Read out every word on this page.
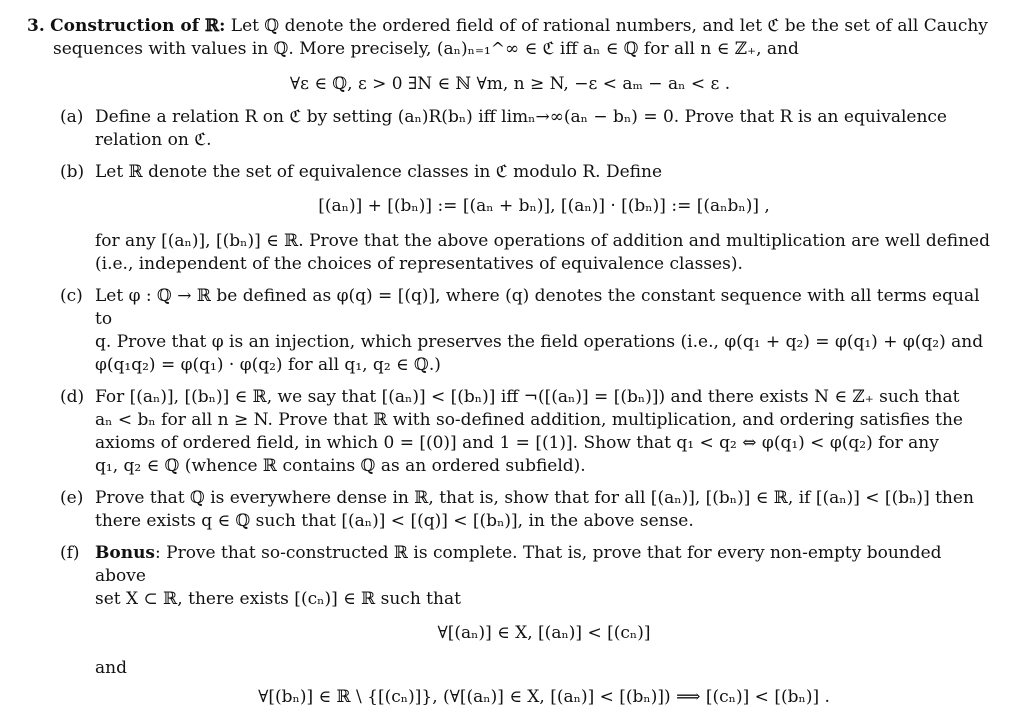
3. Construction of ℝ: Let ℚ denote the ordered field of of rational numbers, and let ℭ be the set of all Cauchy
sequences with values in ℚ. More precisely, (aₙ)ₙ₌₁^∞ ∈ ℭ iff aₙ ∈ ℚ for all n ∈ ℤ₊, and
∀ε ∈ ℚ, ε > 0 ∃N ∈ ℕ ∀m, n ≥ N, −ε < aₘ − aₙ < ε .
(a) Define a relation R on ℭ by setting (aₙ)R(bₙ) iff limₙ→∞(aₙ − bₙ) = 0. Prove that R is an equivalence
relation on ℭ.
(b) Let ℝ denote the set of equivalence classes in ℭ modulo R. Define
[(aₙ)] + [(bₙ)] := [(aₙ + bₙ)], [(aₙ)] · [(bₙ)] := [(aₙbₙ)] ,
for any [(aₙ)], [(bₙ)] ∈ ℝ. Prove that the above operations of addition and multiplication are well defined
(i.e., independent of the choices of representatives of equivalence classes).
(c) Let φ : ℚ → ℝ be defined as φ(q) = [(q)], where (q) denotes the constant sequence with all terms equal to
q. Prove that φ is an injection, which preserves the field operations (i.e., φ(q₁ + q₂) = φ(q₁) + φ(q₂) and
φ(q₁q₂) = φ(q₁) · φ(q₂) for all q₁, q₂ ∈ ℚ.)
(d) For [(aₙ)], [(bₙ)] ∈ ℝ, we say that [(aₙ)] < [(bₙ)] iff ¬([(aₙ)] = [(bₙ)]) and there exists N ∈ ℤ₊ such that
aₙ < bₙ for all n ≥ N. Prove that ℝ with so-defined addition, multiplication, and ordering satisfies the
axioms of ordered field, in which 0 = [(0)] and 1 = [(1)]. Show that q₁ < q₂ ⇔ φ(q₁) < φ(q₂) for any
q₁, q₂ ∈ ℚ (whence ℝ contains ℚ as an ordered subfield).
(e) Prove that ℚ is everywhere dense in ℝ, that is, show that for all [(aₙ)], [(bₙ)] ∈ ℝ, if [(aₙ)] < [(bₙ)] then
there exists q ∈ ℚ such that [(aₙ)] < [(q)] < [(bₙ)], in the above sense.
(f) Bonus: Prove that so-constructed ℝ is complete. That is, prove that for every non-empty bounded above
set X ⊂ ℝ, there exists [(cₙ)] ∈ ℝ such that
∀[(aₙ)] ∈ X, [(aₙ)] < [(cₙ)]
and
∀[(bₙ)] ∈ ℝ \ {[(cₙ)]}, (∀[(aₙ)] ∈ X, [(aₙ)] < [(bₙ)]) ⟹ [(cₙ)] < [(bₙ)] .
